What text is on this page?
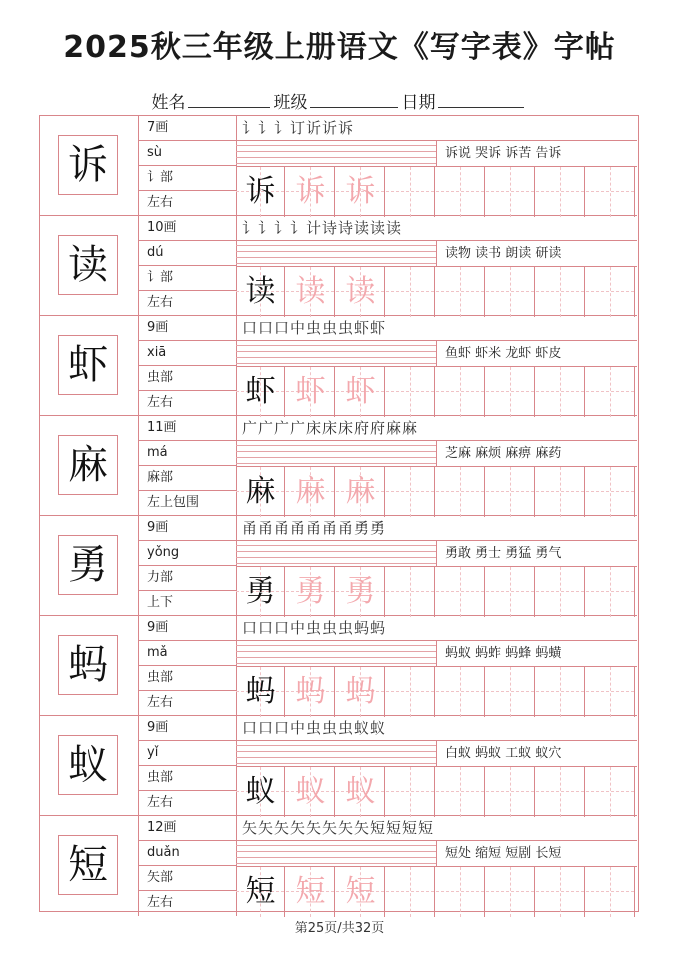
2025秋三年级上册语文《写字表》字帖
姓名	班级	日期
诉
7画
sù
讠部
左右
讠讠讠订䜣䜣诉
诉说 哭诉 诉苦 告诉
诉 诉 诉
读
10画
dú
讠部
左右
讠讠讠讠计诗诗读读读
读物 读书 朗读 研读
读 读 读
虾
9画
xiā
虫部
左右
口口口中虫虫虫虾虾
鱼虾 虾米 龙虾 虾皮
虾 虾 虾
麻
11画
má
麻部
左上包围
广广广广床床床府府麻麻
芝麻 麻烦 麻痹 麻药
麻 麻 麻
勇
9画
yǒng
力部
上下
甬甬甬甬甬甬甬勇勇
勇敢 勇士 勇猛 勇气
勇 勇 勇
蚂
9画
mǎ
虫部
左右
口口口中虫虫虫蚂蚂
蚂蚁 蚂蚱 蚂蜂 蚂蟥
蚂 蚂 蚂
蚁
9画
yǐ
虫部
左右
口口口中虫虫虫蚁蚁
白蚁 蚂蚁 工蚁 蚁穴
蚁 蚁 蚁
短
12画
duǎn
矢部
左右
矢矢矢矢矢矢矢矢短短短短
短处 缩短 短剧 长短
短 短 短
第25页/共32页
